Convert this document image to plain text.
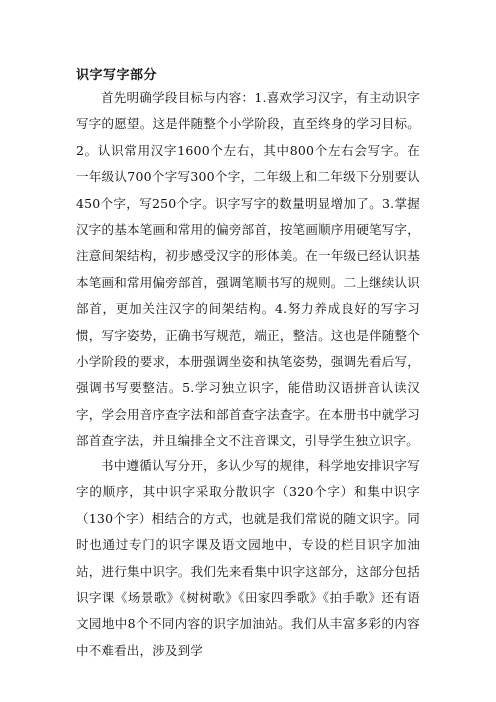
识字写字部分
首先明确学段目标与内容：1.喜欢学习汉字，有主动识字写字的愿望。这是伴随整个小学阶段，直至终身的学习目标。2。认识常用汉字1600个左右，其中800个左右会写字。在一年级认700个字写300个字，二年级上和二年级下分别要认450个字，写250个字。识字写字的数量明显增加了。3.掌握汉字的基本笔画和常用的偏旁部首，按笔画顺序用硬笔写字，注意间架结构，初步感受汉字的形体美。在一年级已经认识基本笔画和常用偏旁部首，强调笔顺书写的规则。二上继续认识部首，更加关注汉字的间架结构。4.努力养成良好的写字习惯，写字姿势，正确书写规范，端正，整洁。这也是伴随整个小学阶段的要求，本册强调坐姿和执笔姿势，强调先看后写，强调书写要整洁。5.学习独立识字，能借助汉语拼音认读汉字，学会用音序查字法和部首查字法查字。在本册书中就学习部首查字法，并且编排全文不注音课文，引导学生独立识字。
书中遵循认写分开，多认少写的规律，科学地安排识字写字的顺序，其中识字采取分散识字（320个字）和集中识字（130个字）相结合的方式，也就是我们常说的随文识字。同时也通过专门的识字课及语文园地中，专设的栏目识字加油站，进行集中识字。我们先来看集中识字这部分，这部分包括识字课《场景歌》《树树歌》《田家四季歌》《拍手歌》还有语文园地中8个不同内容的识字加油站。我们从丰富多彩的内容中不难看出，涉及到学
